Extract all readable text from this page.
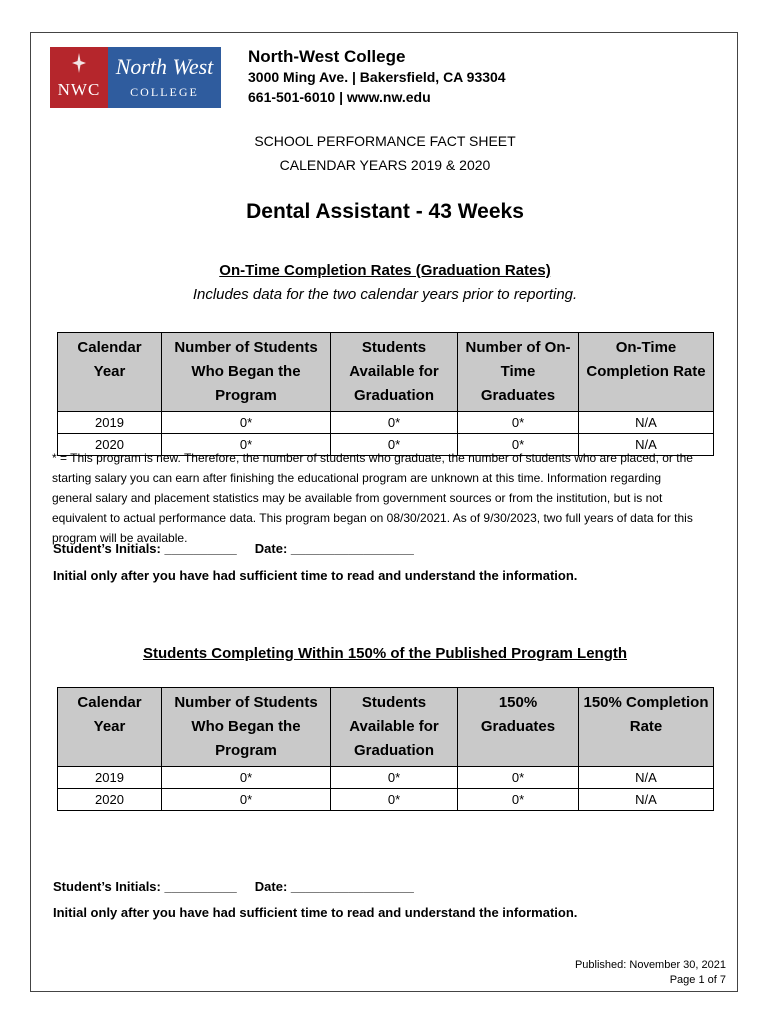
NWC
North West
COLLEGE
North-West College
3000 Ming Ave. | Bakersfield, CA 93304
661-501-6010 | www.nw.edu
SCHOOL PERFORMANCE FACT SHEET
CALENDAR YEARS 2019 & 2020
Dental Assistant - 43 Weeks
On-Time Completion Rates (Graduation Rates)
Includes data for the two calendar years prior to reporting.
Calendar Year	Number of Students Who Began the Program	Students Available for Graduation	Number of On-Time Graduates	On-Time Completion Rate
2019	0*	0*	0*	N/A
2020	0*	0*	0*	N/A
* = This program is new. Therefore, the number of students who graduate, the number of students who are placed, or the starting salary you can earn after finishing the educational program are unknown at this time. Information regarding general salary and placement statistics may be available from government sources or from the institution, but is not equivalent to actual performance data. This program began on 08/30/2021. As of 9/30/2023, two full years of data for this program will be available.
Student’s Initials: __________ Date: _________________
Initial only after you have had sufficient time to read and understand the information.
Students Completing Within 150% of the Published Program Length
Calendar Year	Number of Students Who Began the Program	Students Available for Graduation	150% Graduates	150% Completion Rate
2019	0*	0*	0*	N/A
2020	0*	0*	0*	N/A
Student’s Initials: __________ Date: _________________
Initial only after you have had sufficient time to read and understand the information.
Published: November 30, 2021
Page 1 of 7
